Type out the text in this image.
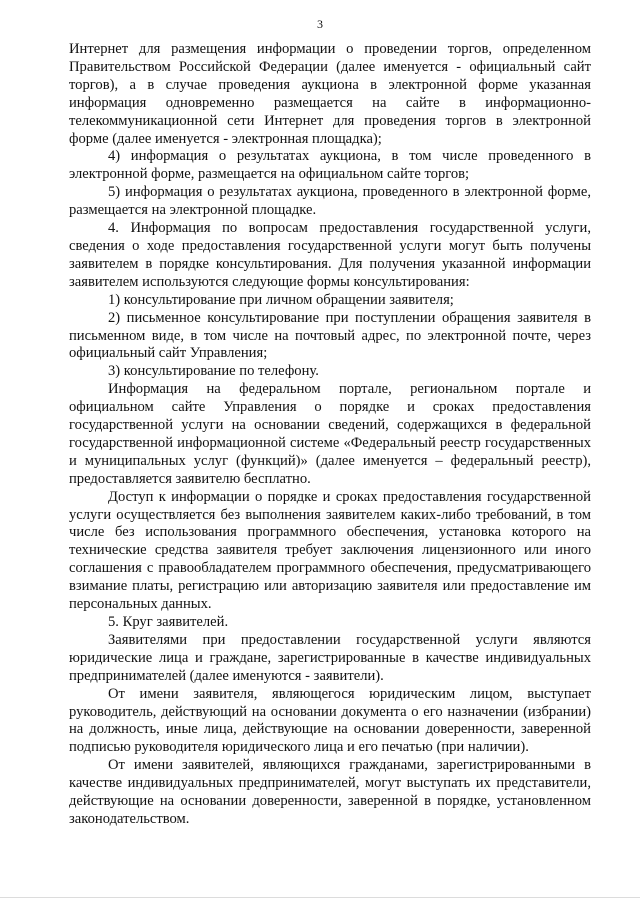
3

Интернет для размещения информации о проведении торгов, определенном Правительством Российской Федерации (далее именуется - официальный сайт торгов), а в случае проведения аукциона в электронной форме указанная информация одновременно размещается на сайте в информационно-телекоммуникационной сети Интернет для проведения торгов в электронной форме (далее именуется - электронная площадка);

4) информация о результатах аукциона, в том числе проведенного в электронной форме, размещается на официальном сайте торгов;

5) информация о результатах аукциона, проведенного в электронной форме, размещается на электронной площадке.

4. Информация по вопросам предоставления государственной услуги, сведения о ходе предоставления государственной услуги могут быть получены заявителем в порядке консультирования. Для получения указанной информации заявителем используются следующие формы консультирования:

1) консультирование при личном обращении заявителя;

2) письменное консультирование при поступлении обращения заявителя в письменном виде, в том числе на почтовый адрес, по электронной почте, через официальный сайт Управления;

3) консультирование по телефону.

Информация на федеральном портале, региональном портале и официальном сайте Управления о порядке и сроках предоставления государственной услуги на основании сведений, содержащихся в федеральной государственной информационной системе «Федеральный реестр государственных и муниципальных услуг (функций)» (далее именуется – федеральный реестр), предоставляется заявителю бесплатно.

Доступ к информации о порядке и сроках предоставления государственной услуги осуществляется без выполнения заявителем каких-либо требований, в том числе без использования программного обеспечения, установка которого на технические средства заявителя требует заключения лицензионного или иного соглашения с правообладателем программного обеспечения, предусматривающего взимание платы, регистрацию или авторизацию заявителя или предоставление им персональных данных.

5. Круг заявителей.

Заявителями при предоставлении государственной услуги являются юридические лица и граждане, зарегистрированные в качестве индивидуальных предпринимателей (далее именуются - заявители).

От имени заявителя, являющегося юридическим лицом, выступает руководитель, действующий на основании документа о его назначении (избрании) на должность, иные лица, действующие на основании доверенности, заверенной подписью руководителя юридического лица и его печатью (при наличии).

От имени заявителей, являющихся гражданами, зарегистрированными в качестве индивидуальных предпринимателей, могут выступать их представители, действующие на основании доверенности, заверенной в порядке, установленном законодательством.
